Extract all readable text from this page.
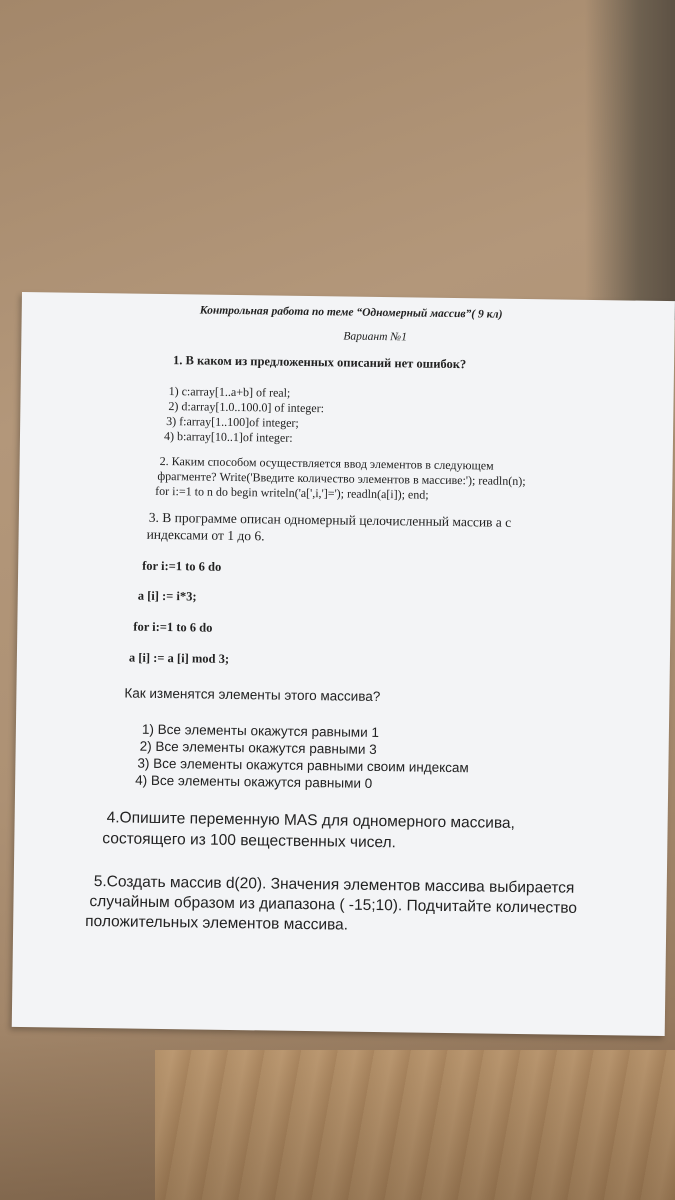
Контрольная работа по теме “Одномерный массив”( 9 кл)
Вариант №1
1. В каком из предложенных описаний нет ошибок?
1) c:array[1..a+b] of real;
2) d:array[1.0..100.0] of integer:
3) f:array[1..100]of integer;
4) b:array[10..1]of integer:
2. Каким способом осуществляется ввод элементов в следующем
фрагменте? Write('Введите количество элементов в массиве:'); readln(n);
for i:=1 to n do begin writeln('a[',i,']='); readln(a[i]); end;
3. В программе описан одномерный целочисленный массив a с
индексами от 1 до 6.
for i:=1 to 6 do
a [i] := i*3;
for i:=1 to 6 do
a [i] := a [i] mod 3;
Как изменятся элементы этого массива?
1) Все элементы окажутся равными 1
2) Все элементы окажутся равными 3
3) Все элементы окажутся равными своим индексам
4) Все элементы окажутся равными 0
4.Опишите переменную MAS для одномерного массива,
состоящего из 100 вещественных чисел.
5.Создать массив d(20). Значения элементов массива выбирается
случайным образом из диапазона ( -15;10). Подчитайте количество
положительных элементов массива.
